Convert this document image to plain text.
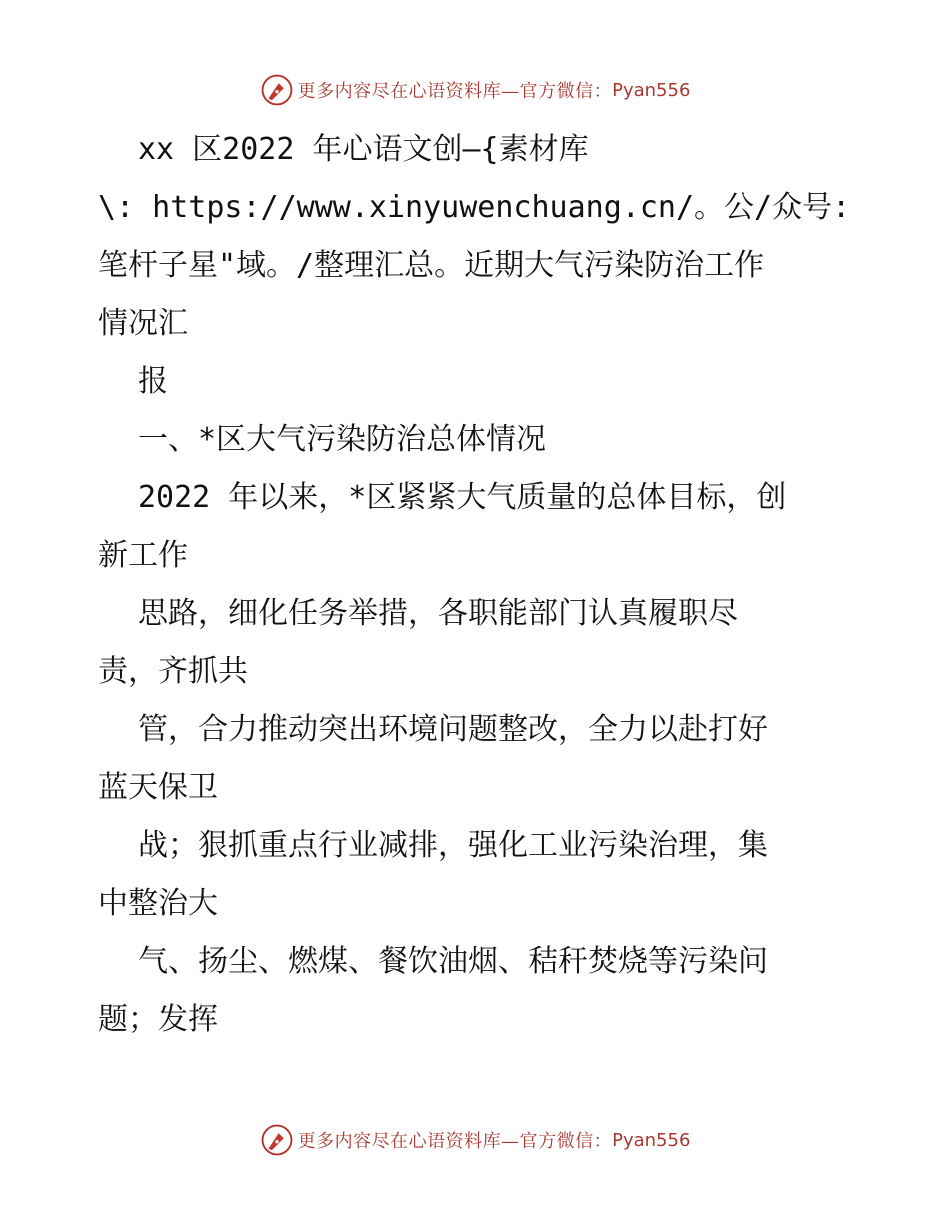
更多内容尽在心语资料库—官方微信： Pyan556
xx 区2022 年心语文创—{素材库
\: https://www.xinyuwenchuang.cn/。公/众号:
笔杆子星"域。/整理汇总。近期大气污染防治工作
情况汇
报
一、*区大气污染防治总体情况
2022 年以来，*区紧紧大气质量的总体目标，创
新工作
思路，细化任务举措，各职能部门认真履职尽
责，齐抓共
管，合力推动突出环境问题整改，全力以赴打好
蓝天保卫
战；狠抓重点行业减排，强化工业污染治理，集
中整治大
气、扬尘、燃煤、餐饮油烟、秸秆焚烧等污染问
题；发挥
更多内容尽在心语资料库—官方微信： Pyan556
